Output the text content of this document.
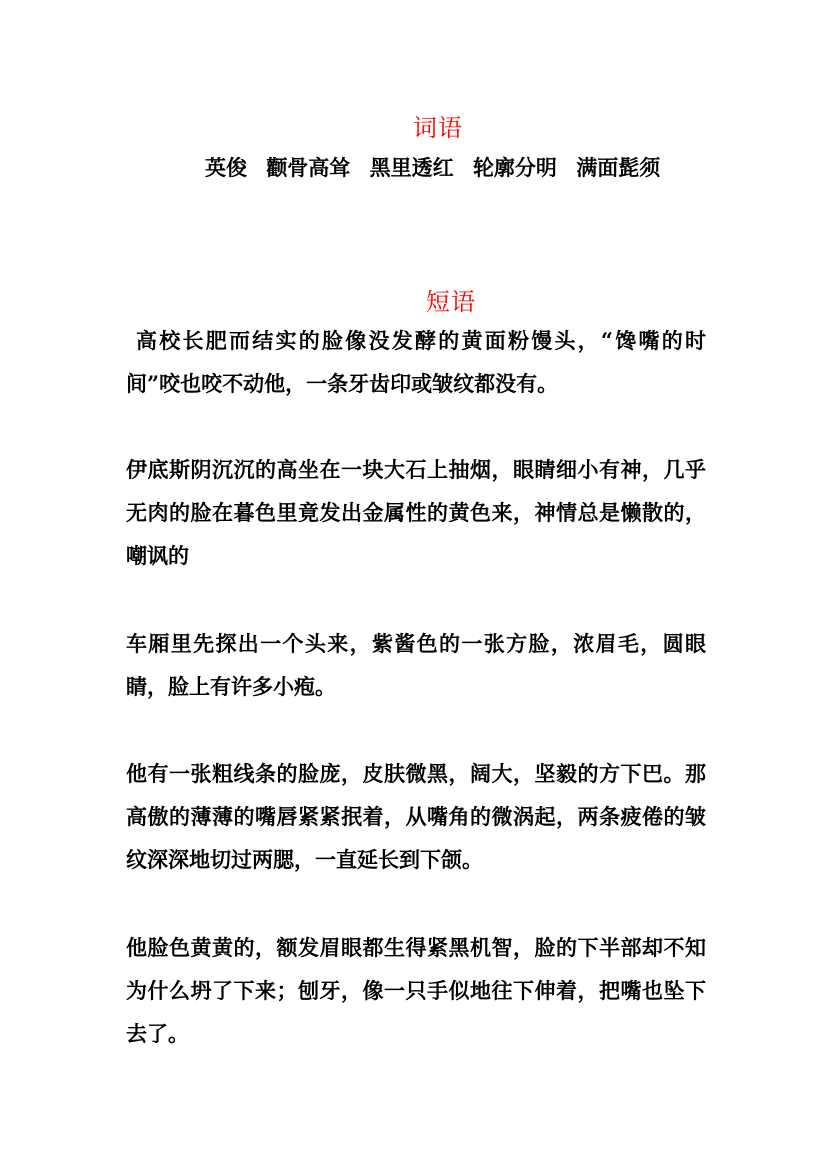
词语

英俊 颧骨高耸 黑里透红 轮廓分明 满面髭须

短语

高校长肥而结实的脸像没发酵的黄面粉馒头，“馋嘴的时间”咬也咬不动他，一条牙齿印或皱纹都没有。

伊底斯阴沉沉的高坐在一块大石上抽烟，眼睛细小有神，几乎无肉的脸在暮色里竟发出金属性的黄色来，神情总是懒散的，嘲讽的

车厢里先探出一个头来，紫酱色的一张方脸，浓眉毛，圆眼睛，脸上有许多小疱。

他有一张粗线条的脸庞，皮肤微黑，阔大，坚毅的方下巴。那高傲的薄薄的嘴唇紧紧抿着，从嘴角的微涡起，两条疲倦的皱纹深深地切过两腮，一直延长到下颌。

他脸色黄黄的，额发眉眼都生得紧黑机智，脸的下半部却不知为什么坍了下来；刨牙，像一只手似地往下伸着，把嘴也坠下去了。
